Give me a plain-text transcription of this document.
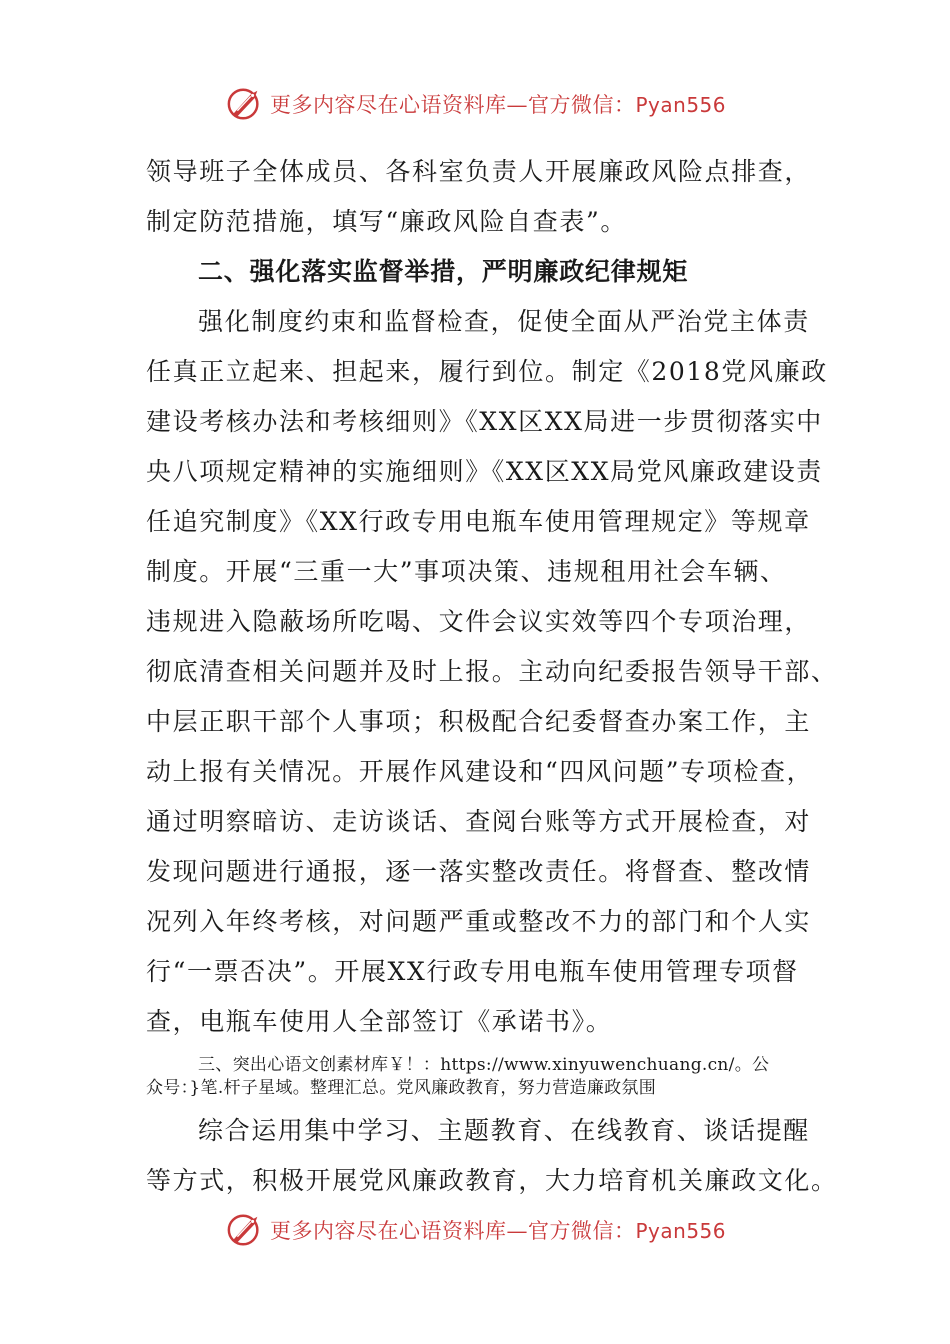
更多内容尽在心语资料库—官方微信：Pyan556
领导班子全体成员、各科室负责人开展廉政风险点排查，
制定防范措施，填写“廉政风险自查表”。
二、强化落实监督举措，严明廉政纪律规矩
强化制度约束和监督检查，促使全面从严治党主体责
任真正立起来、担起来，履行到位。制定《2018党风廉政
建设考核办法和考核细则》《XX区XX局进一步贯彻落实中
央八项规定精神的实施细则》《XX区XX局党风廉政建设责
任追究制度》《XX行政专用电瓶车使用管理规定》等规章
制度。开展“三重一大”事项决策、违规租用社会车辆、
违规进入隐蔽场所吃喝、文件会议实效等四个专项治理，
彻底清查相关问题并及时上报。主动向纪委报告领导干部、
中层正职干部个人事项；积极配合纪委督查办案工作，主
动上报有关情况。开展作风建设和“四风问题”专项检查，
通过明察暗访、走访谈话、查阅台账等方式开展检查，对
发现问题进行通报，逐一落实整改责任。将督查、整改情
况列入年终考核，对问题严重或整改不力的部门和个人实
行“一票否决”。开展XX行政专用电瓶车使用管理专项督
查，电瓶车使用人全部签订《承诺书》。
三、突出心语文创素材库￥！：https://www.xinyuwenchuang.cn/。公
众号：}笔.杆子星域。整理汇总。党风廉政教育，努力营造廉政氛围
综合运用集中学习、主题教育、在线教育、谈话提醒
等方式，积极开展党风廉政教育，大力培育机关廉政文化。
更多内容尽在心语资料库—官方微信：Pyan556
